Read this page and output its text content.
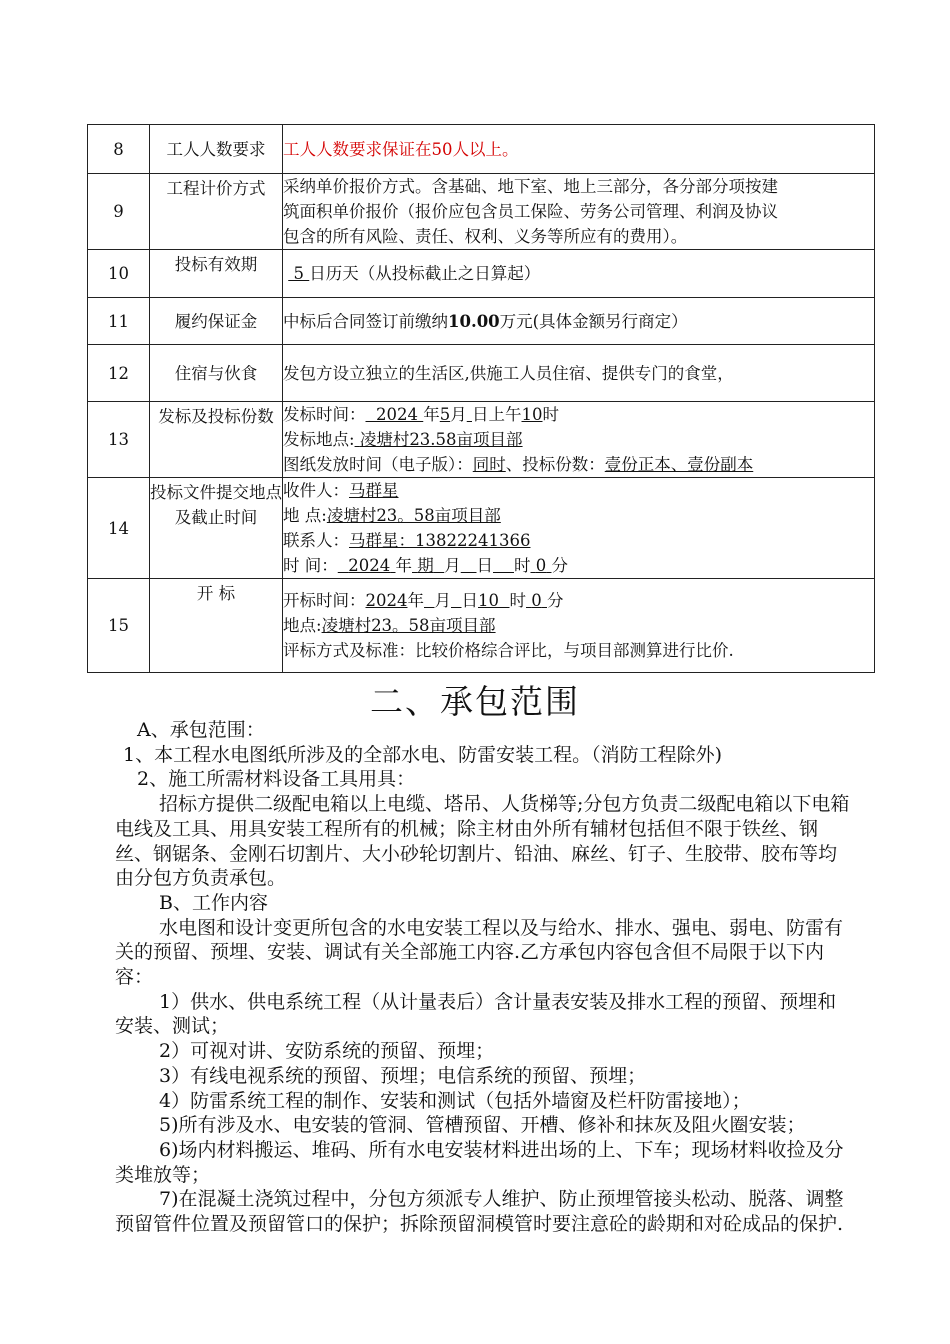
8	工人人数要求	工人人数要求保证在50人以上。

9	工程计价方式	采纳单价报价方式。含基础、地下室、地上三部分，各分部分项按建
筑面积单价报价（报价应包含员工保险、劳务公司管理、利润及协议
包含的所有风险、责任、权利、义务等所应有的费用）。

10	投标有效期	5 日历天（从投标截止之日算起）

11	履约保证金	中标后合同签订前缴纳10.00万元(具体金额另行商定）

12	住宿与伙食	发包方设立独立的生活区,供施工人员住宿、提供专门的食堂，

13	发标及投标份数	发标时间： 2024 年5月 日上午10时
发标地点: 凌塘村23.58亩项目部
图纸发放时间（电子版）：同时、投标份数：壹份正本、壹份副本

14	投标文件提交地点及截止时间	收件人：马群星
地 点:凌塘村23。58亩项目部
联系人：马群星：13822241366
时 间： 2024 年 期 月 日 时 0 分

15	开 标	开标时间：2024年 月 日10 时 0 分
地点:凌塘村23。58亩项目部
评标方式及标准：比较价格综合评比，与项目部测算进行比价.
二、承包范围

A、承包范围：

1、本工程水电图纸所涉及的全部水电、防雷安装工程。（消防工程除外)

2、施工所需材料设备工具用具：

招标方提供二级配电箱以上电缆、塔吊、人货梯等;分包方负责二级配电箱以下电箱电线及工具、用具安装工程所有的机械；除主材由外所有辅材包括但不限于铁丝、钢丝、钢锯条、金刚石切割片、大小砂轮切割片、铅油、麻丝、钉子、生胶带、胶布等均由分包方负责承包。

B、工作内容

水电图和设计变更所包含的水电安装工程以及与给水、排水、强电、弱电、防雷有关的预留、预埋、安装、调试有关全部施工内容.乙方承包内容包含但不局限于以下内容：

1）供水、供电系统工程（从计量表后）含计量表安装及排水工程的预留、预埋和安装、测试；

2）可视对讲、安防系统的预留、预埋；

3）有线电视系统的预留、预埋；电信系统的预留、预埋；

4）防雷系统工程的制作、安装和测试（包括外墙窗及栏杆防雷接地）；

5)所有涉及水、电安装的管洞、管槽预留、开槽、修补和抹灰及阻火圈安装；

6)场内材料搬运、堆码、所有水电安装材料进出场的上、下车；现场材料收捡及分类堆放等；

7)在混凝土浇筑过程中，分包方须派专人维护、防止预埋管接头松动、脱落、调整预留管件位置及预留管口的保护；拆除预留洞模管时要注意砼的龄期和对砼成品的保护.
